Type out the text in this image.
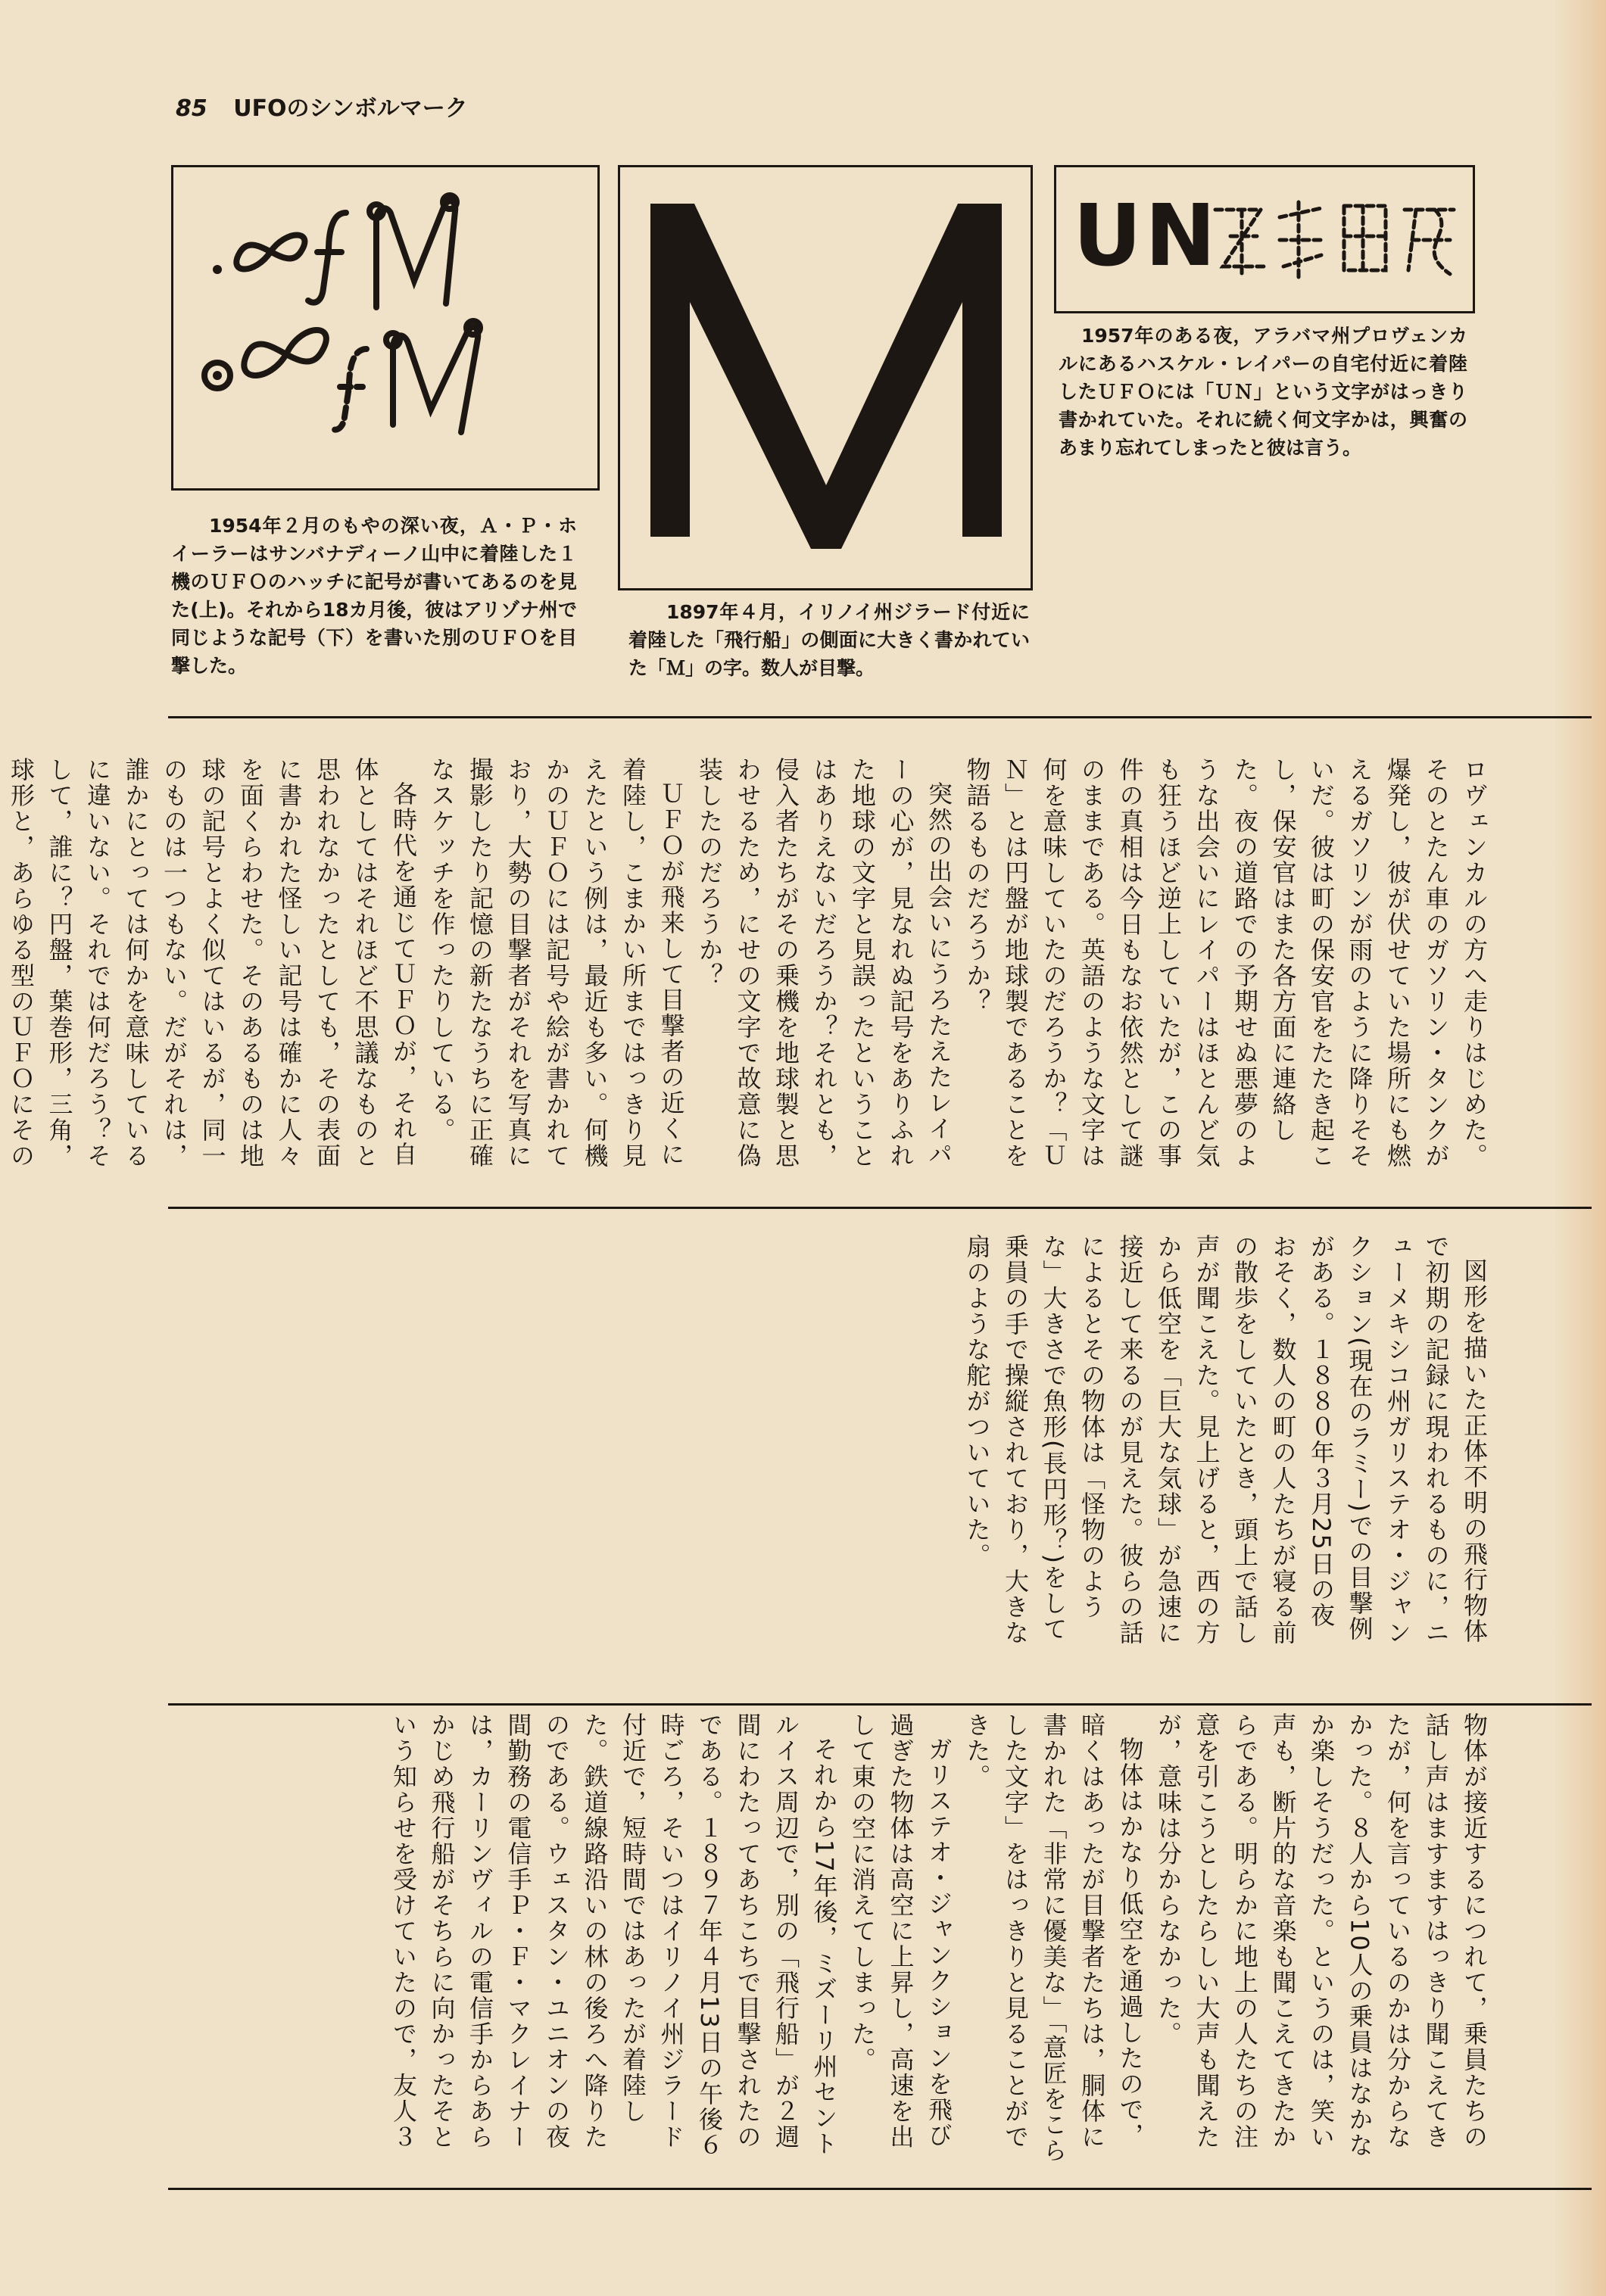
85 UFOのシンボルマーク
1954年２月のもやの深い夜，Ａ・Ｐ・ホイーラーはサンバナディーノ山中に着陸した１機のＵＦＯのハッチに記号が書いてあるのを見た(上)。それから18カ月後，彼はアリゾナ州で同じような記号（下）を書いた別のＵＦＯを目撃した。
1897年４月，イリノイ州ジラード付近に着陸した「飛行船」の側面に大きく書かれていた「Ｍ」の字。数人が目撃。
UN
1957年のある夜，アラバマ州プロヴェンカルにあるハスケル・レイパーの自宅付近に着陸したＵＦＯには「ＵＮ」という文字がはっきり書かれていた。それに続く何文字かは，興奮のあまり忘れてしまったと彼は言う。

ロヴェンカルの方へ走りはじめた。そのとたん車のガソリン・タンクが爆発し，彼が伏せていた場所にも燃えるガソリンが雨のように降りそそいだ。彼は町の保安官をたたき起こし，保安官はまた各方面に連絡した。夜の道路での予期せぬ悪夢のような出会いにレイパーはほとんど気も狂うほど逆上していたが，この事件の真相は今日もなお依然として謎のままである。英語のような文字は何を意味していたのだろうか？「ＵＮ」とは円盤が地球製であることを物語るものだろうか？

突然の出会いにうろたえたレイパーの心が，見なれぬ記号をありふれた地球の文字と見誤ったということはありえないだろうか？それとも，侵入者たちがその乗機を地球製と思わせるため，にせの文字で故意に偽装したのだろうか？

ＵＦＯが飛来して目撃者の近くに着陸し，こまかい所まではっきり見えたという例は，最近も多い。何機かのＵＦＯには記号や絵が書かれており，大勢の目撃者がそれを写真に撮影したり記憶の新たなうちに正確なスケッチを作ったりしている。

各時代を通じてＵＦＯが，それ自体としてはそれほど不思議なものと思われなかったとしても，その表面に書かれた怪しい記号は確かに人々を面くらわせた。そのあるものは地球の記号とよく似てはいるが，同一のものは一つもない。だがそれは，誰かにとっては何かを意味しているに違いない。それでは何だろう？そして，誰に？円盤，葉巻形，三角，球形と，あらゆる型のＵＦＯにその

図形を描いた正体不明の飛行物体で初期の記録に現われるものに，ニューメキシコ州ガリステオ・ジャンクション(現在のラミー)での目撃例がある。１８８０年３月25日の夜おそく，数人の町の人たちが寝る前の散歩をしていたとき，頭上で話し声が聞こえた。見上げると，西の方から低空を「巨大な気球」が急速に接近して来るのが見えた。彼らの話によるとその物体は「怪物のような」大きさで魚形(長円形？)をして乗員の手で操縦されており，大きな扇のような舵がついていた。

物体が接近するにつれて，乗員たちの話し声はますますはっきり聞こえてきたが，何を言っているのかは分からなかった。８人から10人の乗員はなかなか楽しそうだった。というのは，笑い声も，断片的な音楽も聞こえてきたからである。明らかに地上の人たちの注意を引こうとしたらしい大声も聞えたが，意味は分からなかった。

物体はかなり低空を通過したので，暗くはあったが目撃者たちは，胴体に書かれた「非常に優美な」「意匠をこらした文字」をはっきりと見ることができた。

ガリステオ・ジャンクションを飛び過ぎた物体は高空に上昇し，高速を出して東の空に消えてしまった。

それから17年後，ミズーリ州セントルイス周辺で，別の「飛行船」が２週間にわたってあちこちで目撃されたのである。１８９７年４月13日の午後６時ごろ，そいつはイリノイ州ジラード付近で，短時間ではあったが着陸した。鉄道線路沿いの林の後ろへ降りたのである。ウェスタン・ユニオンの夜間勤務の電信手Ｐ・Ｆ・マクレイナーは，カーリンヴィルの電信手からあらかじめ飛行船がそちらに向かったそという知らせを受けていたので，友人３
